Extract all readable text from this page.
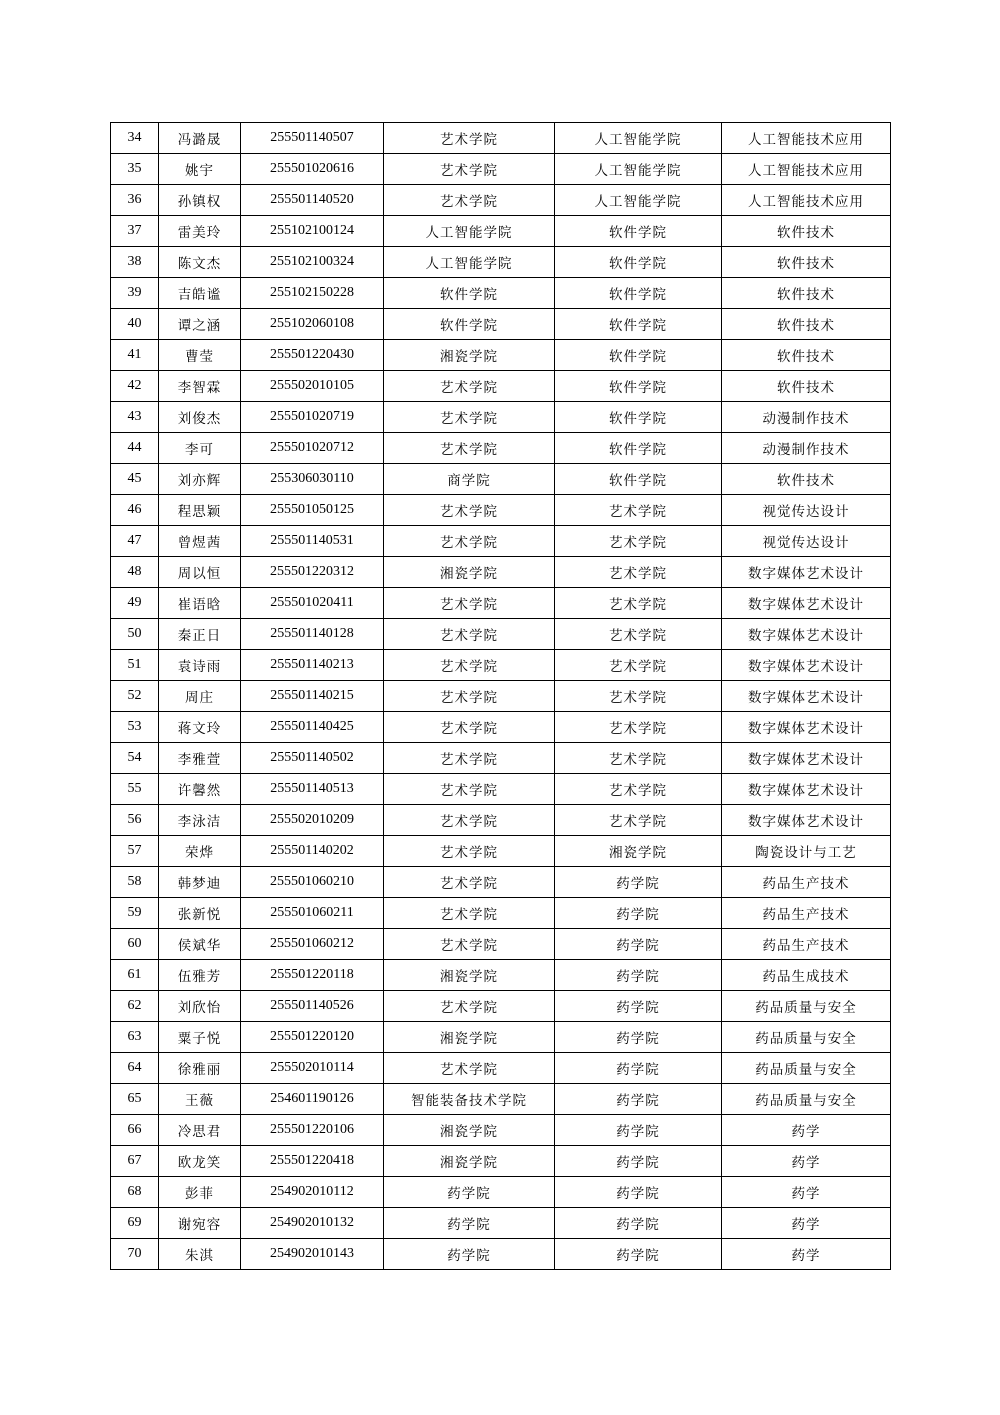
34	冯潞晟	255501140507	艺术学院	人工智能学院	人工智能技术应用
35	姚宇	255501020616	艺术学院	人工智能学院	人工智能技术应用
36	孙镇权	255501140520	艺术学院	人工智能学院	人工智能技术应用
37	雷美玲	255102100124	人工智能学院	软件学院	软件技术
38	陈文杰	255102100324	人工智能学院	软件学院	软件技术
39	吉皓谧	255102150228	软件学院	软件学院	软件技术
40	谭之涵	255102060108	软件学院	软件学院	软件技术
41	曹莹	255501220430	湘瓷学院	软件学院	软件技术
42	李智霖	255502010105	艺术学院	软件学院	软件技术
43	刘俊杰	255501020719	艺术学院	软件学院	动漫制作技术
44	李可	255501020712	艺术学院	软件学院	动漫制作技术
45	刘亦辉	255306030110	商学院	软件学院	软件技术
46	程思颖	255501050125	艺术学院	艺术学院	视觉传达设计
47	曾煜茜	255501140531	艺术学院	艺术学院	视觉传达设计
48	周以恒	255501220312	湘瓷学院	艺术学院	数字媒体艺术设计
49	崔语晗	255501020411	艺术学院	艺术学院	数字媒体艺术设计
50	秦正日	255501140128	艺术学院	艺术学院	数字媒体艺术设计
51	袁诗雨	255501140213	艺术学院	艺术学院	数字媒体艺术设计
52	周庄	255501140215	艺术学院	艺术学院	数字媒体艺术设计
53	蒋文玲	255501140425	艺术学院	艺术学院	数字媒体艺术设计
54	李雅萱	255501140502	艺术学院	艺术学院	数字媒体艺术设计
55	许馨然	255501140513	艺术学院	艺术学院	数字媒体艺术设计
56	李泳洁	255502010209	艺术学院	艺术学院	数字媒体艺术设计
57	荣烨	255501140202	艺术学院	湘瓷学院	陶瓷设计与工艺
58	韩梦迪	255501060210	艺术学院	药学院	药品生产技术
59	张新悦	255501060211	艺术学院	药学院	药品生产技术
60	侯斌华	255501060212	艺术学院	药学院	药品生产技术
61	伍雅芳	255501220118	湘瓷学院	药学院	药品生成技术
62	刘欣怡	255501140526	艺术学院	药学院	药品质量与安全
63	粟子悦	255501220120	湘瓷学院	药学院	药品质量与安全
64	徐雅丽	255502010114	艺术学院	药学院	药品质量与安全
65	王薇	254601190126	智能装备技术学院	药学院	药品质量与安全
66	冷思君	255501220106	湘瓷学院	药学院	药学
67	欧龙笑	255501220418	湘瓷学院	药学院	药学
68	彭菲	254902010112	药学院	药学院	药学
69	谢宛容	254902010132	药学院	药学院	药学
70	朱淇	254902010143	药学院	药学院	药学
